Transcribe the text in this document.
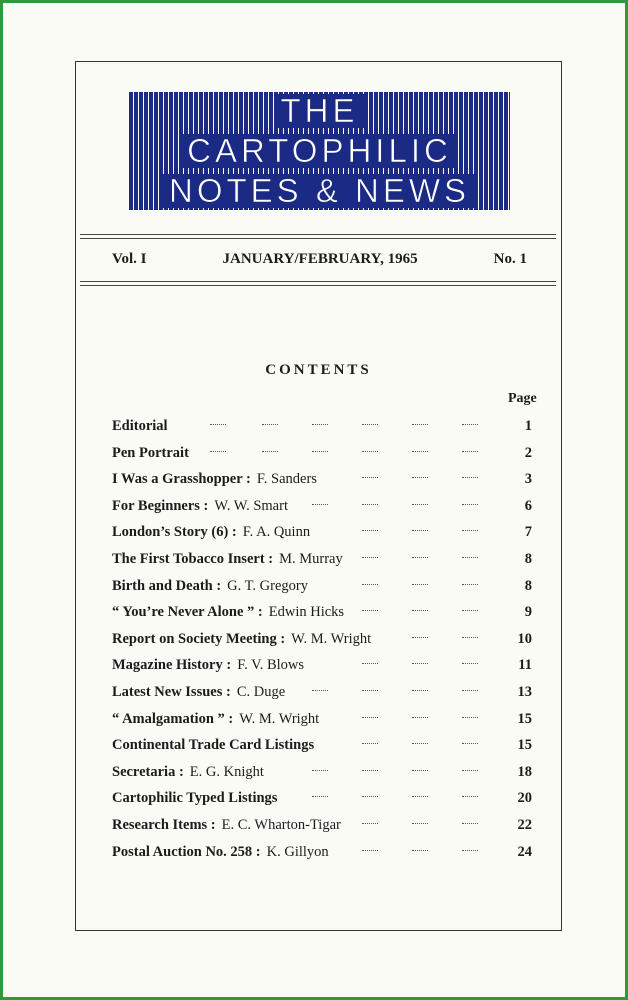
THE
CARTOPHILIC
NOTES & NEWS
Vol. I	JANUARY/FEBRUARY, 1965	No. 1
CONTENTS
Page
Editorial	1
Pen Portrait	2
I Was a Grasshopper : F. Sanders	3
For Beginners : W. W. Smart	6
London’s Story (6) : F. A. Quinn	7
The First Tobacco Insert : M. Murray	8
Birth and Death : G. T. Gregory	8
“ You’re Never Alone ” : Edwin Hicks	9
Report on Society Meeting : W. M. Wright	10
Magazine History : F. V. Blows	11
Latest New Issues : C. Duge	13
“ Amalgamation ” : W. M. Wright	15
Continental Trade Card Listings	15
Secretaria : E. G. Knight	18
Cartophilic Typed Listings	20
Research Items : E. C. Wharton-Tigar	22
Postal Auction No. 258 : K. Gillyon	24
